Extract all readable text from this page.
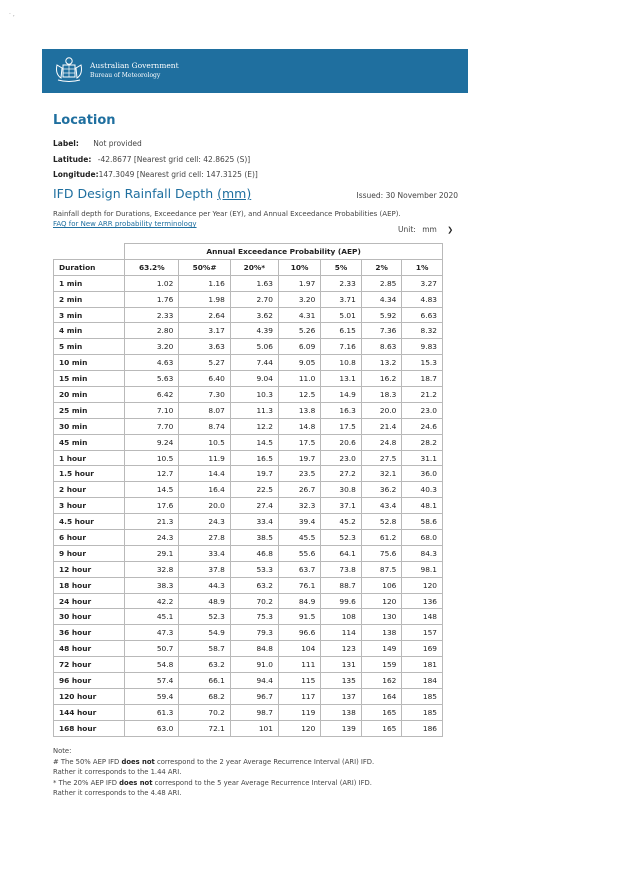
· ,
Australian Government
Bureau of Meteorology
Location
Label: Not provided
Latitude: -42.8677 [Nearest grid cell: 42.8625 (S)]
Longitude:147.3049 [Nearest grid cell: 147.3125 (E)]
IFD Design Rainfall Depth (mm)	Issued: 30 November 2020
Rainfall depth for Durations, Exceedance per Year (EY), and Annual Exceedance Probabilities (AEP).
FAQ for New ARR probability terminology
Unit: mm ❯
	Annual Exceedance Probability (AEP)						
Duration	63.2%	50%#	20%*	10%	5%	2%	1%
1 min	1.02	1.16	1.63	1.97	2.33	2.85	3.27
2 min	1.76	1.98	2.70	3.20	3.71	4.34	4.83
3 min	2.33	2.64	3.62	4.31	5.01	5.92	6.63
4 min	2.80	3.17	4.39	5.26	6.15	7.36	8.32
5 min	3.20	3.63	5.06	6.09	7.16	8.63	9.83
10 min	4.63	5.27	7.44	9.05	10.8	13.2	15.3
15 min	5.63	6.40	9.04	11.0	13.1	16.2	18.7
20 min	6.42	7.30	10.3	12.5	14.9	18.3	21.2
25 min	7.10	8.07	11.3	13.8	16.3	20.0	23.0
30 min	7.70	8.74	12.2	14.8	17.5	21.4	24.6
45 min	9.24	10.5	14.5	17.5	20.6	24.8	28.2
1 hour	10.5	11.9	16.5	19.7	23.0	27.5	31.1
1.5 hour	12.7	14.4	19.7	23.5	27.2	32.1	36.0
2 hour	14.5	16.4	22.5	26.7	30.8	36.2	40.3
3 hour	17.6	20.0	27.4	32.3	37.1	43.4	48.1
4.5 hour	21.3	24.3	33.4	39.4	45.2	52.8	58.6
6 hour	24.3	27.8	38.5	45.5	52.3	61.2	68.0
9 hour	29.1	33.4	46.8	55.6	64.1	75.6	84.3
12 hour	32.8	37.8	53.3	63.7	73.8	87.5	98.1
18 hour	38.3	44.3	63.2	76.1	88.7	106	120
24 hour	42.2	48.9	70.2	84.9	99.6	120	136
30 hour	45.1	52.3	75.3	91.5	108	130	148
36 hour	47.3	54.9	79.3	96.6	114	138	157
48 hour	50.7	58.7	84.8	104	123	149	169
72 hour	54.8	63.2	91.0	111	131	159	181
96 hour	57.4	66.1	94.4	115	135	162	184
120 hour	59.4	68.2	96.7	117	137	164	185
144 hour	61.3	70.2	98.7	119	138	165	185
168 hour	63.0	72.1	101	120	139	165	186
Note:
# The 50% AEP IFD does not correspond to the 2 year Average Recurrence Interval (ARI) IFD.
Rather it corresponds to the 1.44 ARI.
* The 20% AEP IFD does not correspond to the 5 year Average Recurrence Interval (ARI) IFD.
Rather it corresponds to the 4.48 ARI.
